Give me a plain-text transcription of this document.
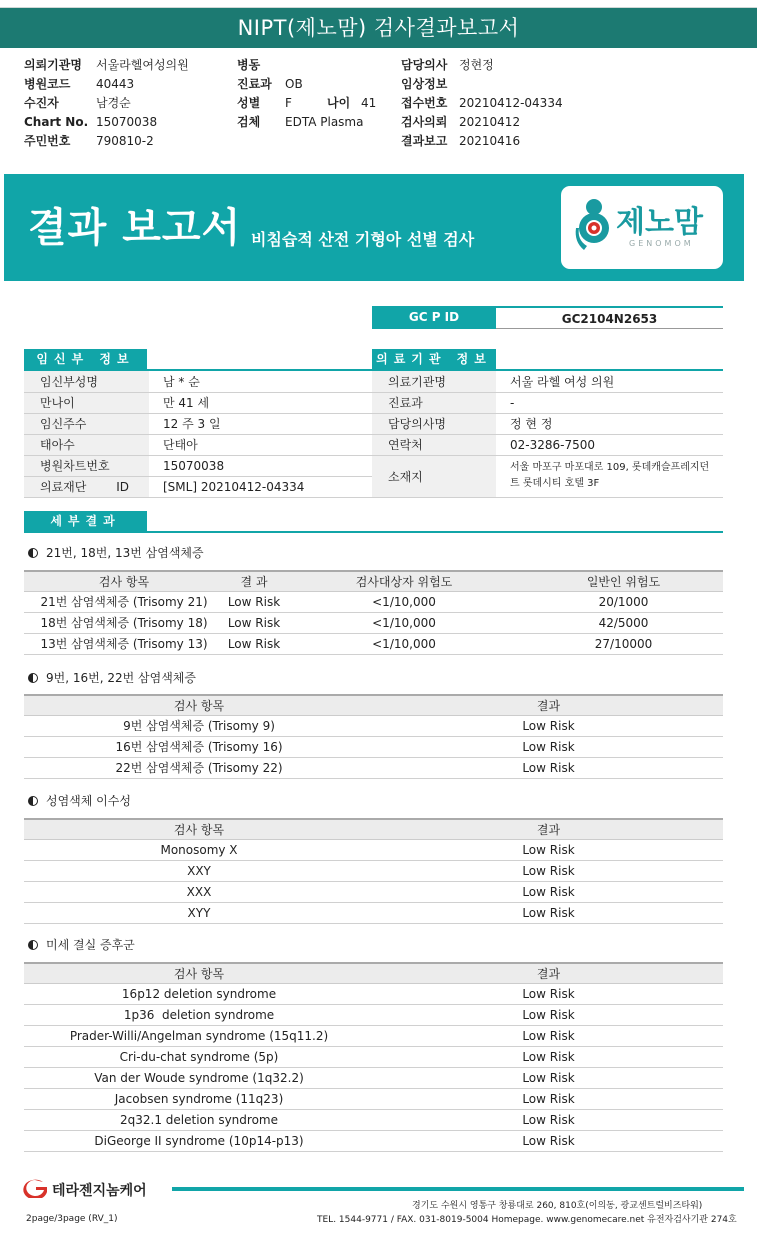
NIPT(제노맘) 검사결과보고서
의뢰기관명 서울라헬여성의원
병원코드 40443
수진자	남경순
Chart No. 15070038
주민번호 790810-2
병동
진료과 OB
성별 F	나이 41
검체 EDTA Plasma
담당의사 정현정
임상정보
접수번호 20210412-04334
검사의뢰 20210412
결과보고 20210416
결과 보고서 비침습적 산전 기형아 선별 검사	제노맘
GENOMOM
GC P ID	GC2104N2653
임신부 정보
임신부성명	남 * 순
만나이	만 41 세
임신주수	12 주 3 일
태아수	단태아
병원차트번호	15070038
의료재단 ID	[SML] 20210412-04334
의료기관 정보
의료기관명	서울 라헬 여성 의원
진료과	-
담당의사명	정 현 정
연락처	02-3286-7500
소재지	서울 마포구 마포대로 109, 롯데캐슬프레지던트 롯데시티 호텔 3F
세부결과
21번, 18번, 13번 삼염색체증
검사 항목	결 과	검사대상자 위험도	일반인 위험도
21번 삼염색체증 (Trisomy 21)	Low Risk	<1/10,000	20/1000
18번 삼염색체증 (Trisomy 18)	Low Risk	<1/10,000	42/5000
13번 삼염색체증 (Trisomy 13)	Low Risk	<1/10,000	27/10000
9번, 16번, 22번 삼염색체증
검사 항목	결과
9번 삼염색체증 (Trisomy 9)	Low Risk
16번 삼염색체증 (Trisomy 16)	Low Risk
22번 삼염색체증 (Trisomy 22)	Low Risk
성염색체 이수성
검사 항목	결과
Monosomy X	Low Risk
XXY	Low Risk
XXX	Low Risk
XYY	Low Risk
미세 결실 증후군
검사 항목	결과
16p12 deletion syndrome	Low Risk
1p36  deletion syndrome	Low Risk
Prader-Willi/Angelman syndrome (15q11.2)	Low Risk
Cri-du-chat syndrome (5p)	Low Risk
Van der Woude syndrome (1q32.2)	Low Risk
Jacobsen syndrome (11q23)	Low Risk
2q32.1 deletion syndrome	Low Risk
DiGeorge II syndrome (10p14-p13)	Low Risk
테라젠지놈케어
2page/3page (RV_1)
경기도 수원시 영통구 창룡대로 260, 810호(이의동, 광교센트럴비즈타워)
TEL. 1544-9771 / FAX. 031-8019-5004 Homepage. www.genomecare.net 유전자검사기관 274호
